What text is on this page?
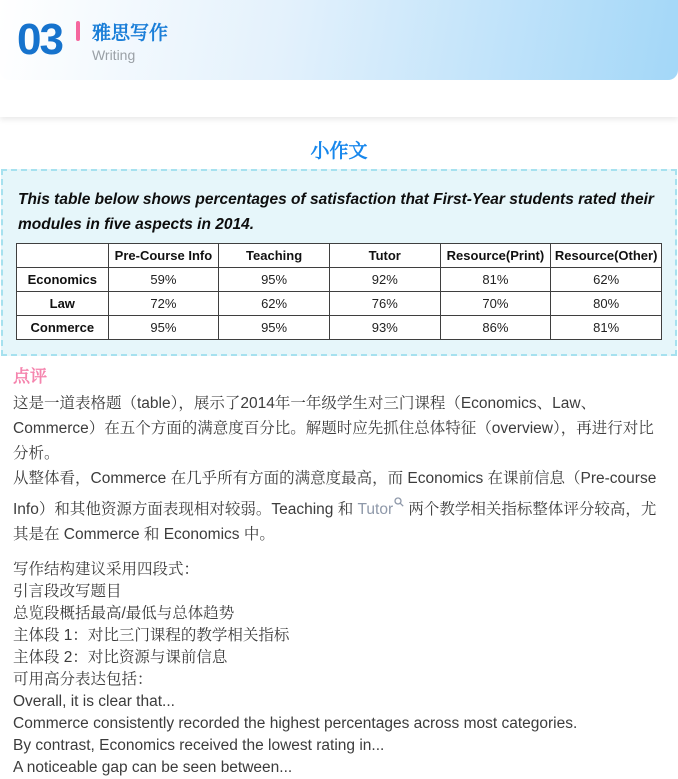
03 雅思写作
Writing
小作文

This table below shows percentages of satisfaction that First-Year students rated their modules in five aspects in 2014.

	Pre-Course Info	Teaching	Tutor	Resource(Print)	Resource(Other)
Economics	59%	95%	92%	81%	62%
Law	72%	62%	76%	70%	80%
Conmerce	95%	95%	93%	86%	81%
点评

这是一道表格题（table），展示了2014年一年级学生对三门课程（Economics、Law、Commerce）在五个方面的满意度百分比。解题时应先抓住总体特征（overview），再进行对比分析。

从整体看，Commerce 在几乎所有方面的满意度最高，而 Economics 在课前信息（Pre-course Info）和其他资源方面表现相对较弱。Teaching 和 Tutor 两个教学相关指标整体评分较高，尤其是在 Commerce 和 Economics 中。

写作结构建议采用四段式：
引言段改写题目
总览段概括最高/最低与总体趋势
主体段 1：对比三门课程的教学相关指标
主体段 2：对比资源与课前信息
可用高分表达包括：
Overall, it is clear that...
Commerce consistently recorded the highest percentages across most categories.
By contrast, Economics received the lowest rating in...
A noticeable gap can be seen between...
